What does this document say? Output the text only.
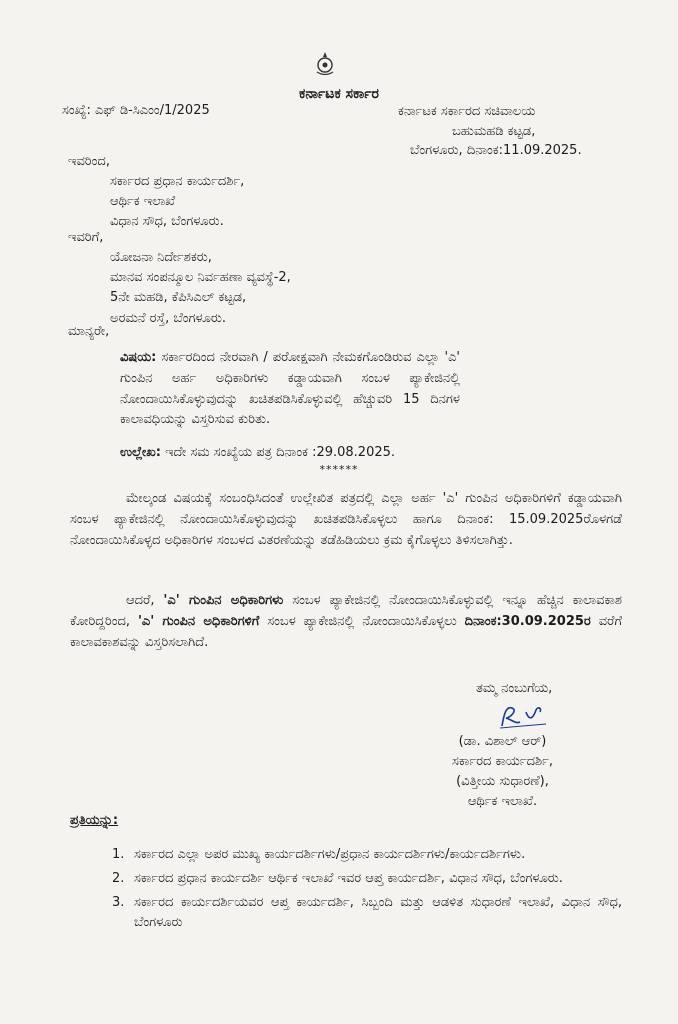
ಕರ್ನಾಟಕ ಸರ್ಕಾರ
ಸಂಖ್ಯೆ: ಎಫ್ ಡಿ-ಸಿಎಂಂ/1/2025	ಕರ್ನಾಟಕ ಸರ್ಕಾರದ ಸಚಿವಾಲಯ
ಬಹುಮಹಡಿ ಕಟ್ಟಡ,
ಬೆಂಗಳೂರು, ದಿನಾಂಕ:11.09.2025.
ಇವರಿಂದ,
ಸರ್ಕಾರದ ಪ್ರಧಾನ ಕಾರ್ಯದರ್ಶಿ,
ಆರ್ಥಿಕ ಇಲಾಖೆ
ವಿಧಾನ ಸೌಧ, ಬೆಂಗಳೂರು.
ಇವರಿಗೆ,
ಯೋಜನಾ ನಿರ್ದೇಶಕರು,
ಮಾನವ ಸಂಪನ್ಮೂಲ ನಿರ್ವಹಣಾ ವ್ಯವಸ್ಥೆ-2,
5ನೇ ಮಹಡಿ, ಕೆಪಿಸಿಎಲ್ ಕಟ್ಟಡ,
ಅರಮನೆ ರಸ್ತೆ, ಬೆಂಗಳೂರು.
ಮಾನ್ಯರೇ,
ವಿಷಯ: ಸರ್ಕಾರದಿಂದ ನೇರವಾಗಿ / ಪರೋಕ್ಷವಾಗಿ ನೇಮಕಗೊಂಡಿರುವ ಎಲ್ಲಾ 'ಎ' ಗುಂಪಿನ ಅರ್ಹ ಅಧಿಕಾರಿಗಳು ಕಡ್ಡಾಯವಾಗಿ ಸಂಬಳ ಪ್ಯಾಕೇಜಿನಲ್ಲಿ ನೋಂದಾಯಿಸಿಕೊಳ್ಳುವುದನ್ನು ಖಚಿತಪಡಿಸಿಕೊಳ್ಳುವಲ್ಲಿ ಹೆಚ್ಚುವರಿ 15 ದಿನಗಳ ಕಾಲಾವಧಿಯನ್ನು ವಿಸ್ತರಿಸುವ ಕುರಿತು.
ಉಲ್ಲೇಖ: ಇದೇ ಸಮ ಸಂಖ್ಯೆಯ ಪತ್ರ ದಿನಾಂಕ :29.08.2025.
******
ಮೇಲ್ಕಂಡ ವಿಷಯಕ್ಕೆ ಸಂಬಂಧಿಸಿದಂತೆ ಉಲ್ಲೇಖಿತ ಪತ್ರದಲ್ಲಿ ಎಲ್ಲಾ ಅರ್ಹ 'ಎ' ಗುಂಪಿನ ಅಧಿಕಾರಿಗಳಿಗೆ ಕಡ್ಡಾಯವಾಗಿ ಸಂಬಳ ಪ್ಯಾಕೇಜಿನಲ್ಲಿ ನೋಂದಾಯಿಸಿಕೊಳ್ಳುವುದನ್ನು ಖಚಿತಪಡಿಸಿಕೊಳ್ಳಲು ಹಾಗೂ ದಿನಾಂಕ: 15.09.2025ರೊಳಗಡೆ ನೋಂದಾಯಿಸಿಕೊಳ್ಳದ ಅಧಿಕಾರಿಗಳ ಸಂಬಳದ ವಿತರಣೆಯನ್ನು ತಡೆಹಿಡಿಯಲು ಕ್ರಮ ಕೈಗೊಳ್ಳಲು ತಿಳಿಸಲಾಗಿತ್ತು.
ಆದರೆ, 'ಎ' ಗುಂಪಿನ ಅಧಿಕಾರಿಗಳು ಸಂಬಳ ಪ್ಯಾಕೇಜಿನಲ್ಲಿ ನೋಂದಾಯಿಸಿಕೊಳ್ಳುವಲ್ಲಿ ಇನ್ನೂ ಹೆಚ್ಚಿನ ಕಾಲಾವಕಾಶ ಕೋರಿದ್ದರಿಂದ, 'ಎ' ಗುಂಪಿನ ಅಧಿಕಾರಿಗಳಿಗೆ ಸಂಬಳ ಪ್ಯಾಕೇಜಿನಲ್ಲಿ ನೋಂದಾಯಿಸಿಕೊಳ್ಳಲು ದಿನಾಂಕ:30.09.2025ರ ವರೆಗೆ ಕಾಲಾವಕಾಶವನ್ನು ವಿಸ್ತರಿಸಲಾಗಿದೆ.
ತಮ್ಮ ನಂಬುಗೆಯ,
(ಡಾ. ವಿಶಾಲ್ ಆರ್)
ಸರ್ಕಾರದ ಕಾರ್ಯದರ್ಶಿ,
(ವಿತ್ತೀಯ ಸುಧಾರಣೆ),
ಆರ್ಥಿಕ ಇಲಾಖೆ.
ಪ್ರತಿಯನ್ನು:
1. ಸರ್ಕಾರದ ಎಲ್ಲಾ ಅಪರ ಮುಖ್ಯ ಕಾರ್ಯದರ್ಶಿಗಳು/ಪ್ರಧಾನ ಕಾರ್ಯದರ್ಶಿಗಳು/ಕಾರ್ಯದರ್ಶಿಗಳು.
2. ಸರ್ಕಾರದ ಪ್ರಧಾನ ಕಾರ್ಯದರ್ಶಿ ಆರ್ಥಿಕ ಇಲಾಖೆ ಇವರ ಆಪ್ತ ಕಾರ್ಯದರ್ಶಿ, ವಿಧಾನ ಸೌಧ, ಬೆಂಗಳೂರು.
3. ಸರ್ಕಾರದ ಕಾರ್ಯದರ್ಶಿಯವರ ಆಪ್ತ ಕಾರ್ಯದರ್ಶಿ, ಸಿಬ್ಬಂದಿ ಮತ್ತು ಆಡಳಿತ ಸುಧಾರಣೆ ಇಲಾಖೆ, ವಿಧಾನ ಸೌಧ, ಬೆಂಗಳೂರು
